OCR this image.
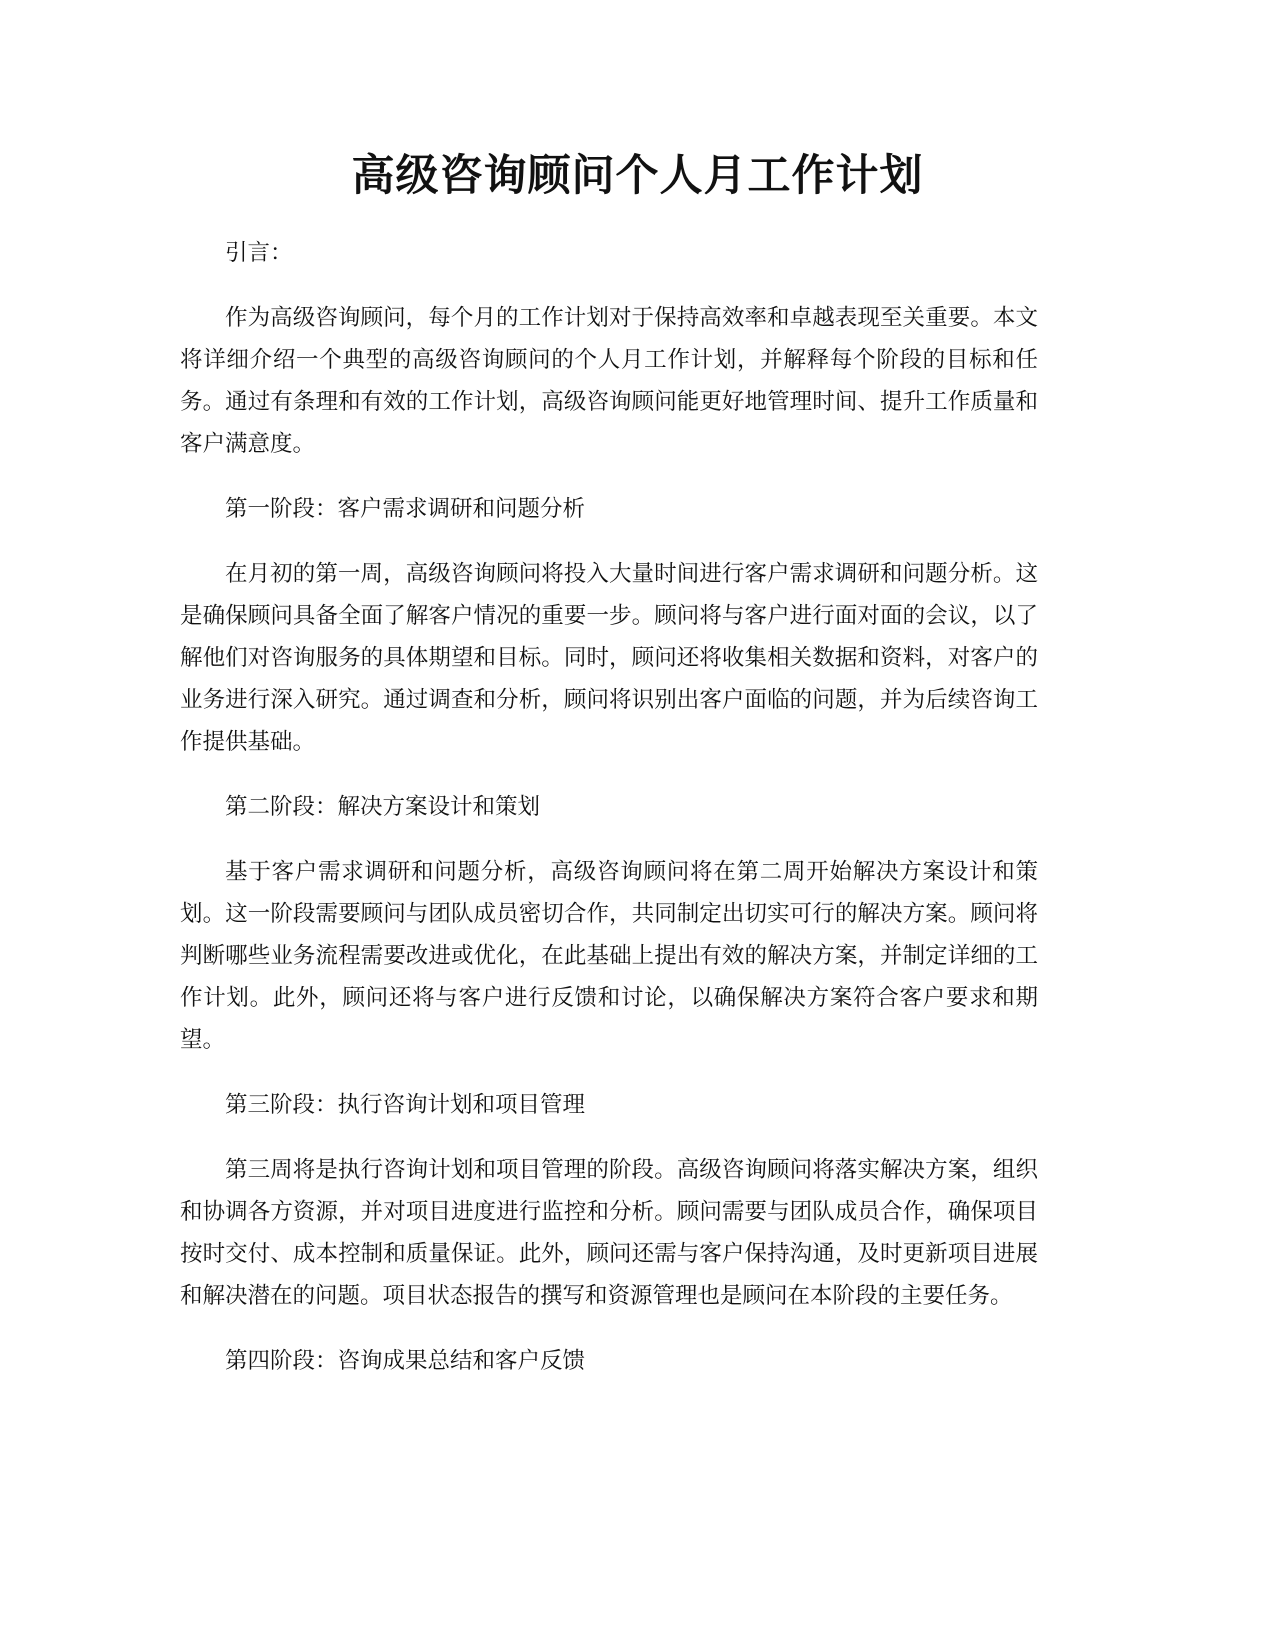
高级咨询顾问个人月工作计划

引言：

作为高级咨询顾问，每个月的工作计划对于保持高效率和卓越表现至关重要。本文将详细介绍一个典型的高级咨询顾问的个人月工作计划，并解释每个阶段的目标和任务。通过有条理和有效的工作计划，高级咨询顾问能更好地管理时间、提升工作质量和客户满意度。

第一阶段：客户需求调研和问题分析

在月初的第一周，高级咨询顾问将投入大量时间进行客户需求调研和问题分析。这是确保顾问具备全面了解客户情况的重要一步。顾问将与客户进行面对面的会议，以了解他们对咨询服务的具体期望和目标。同时，顾问还将收集相关数据和资料，对客户的业务进行深入研究。通过调查和分析，顾问将识别出客户面临的问题，并为后续咨询工作提供基础。

第二阶段：解决方案设计和策划

基于客户需求调研和问题分析，高级咨询顾问将在第二周开始解决方案设计和策划。这一阶段需要顾问与团队成员密切合作，共同制定出切实可行的解决方案。顾问将判断哪些业务流程需要改进或优化，在此基础上提出有效的解决方案，并制定详细的工作计划。此外，顾问还将与客户进行反馈和讨论，以确保解决方案符合客户要求和期望。

第三阶段：执行咨询计划和项目管理

第三周将是执行咨询计划和项目管理的阶段。高级咨询顾问将落实解决方案，组织和协调各方资源，并对项目进度进行监控和分析。顾问需要与团队成员合作，确保项目按时交付、成本控制和质量保证。此外，顾问还需与客户保持沟通，及时更新项目进展和解决潜在的问题。项目状态报告的撰写和资源管理也是顾问在本阶段的主要任务。

第四阶段：咨询成果总结和客户反馈
